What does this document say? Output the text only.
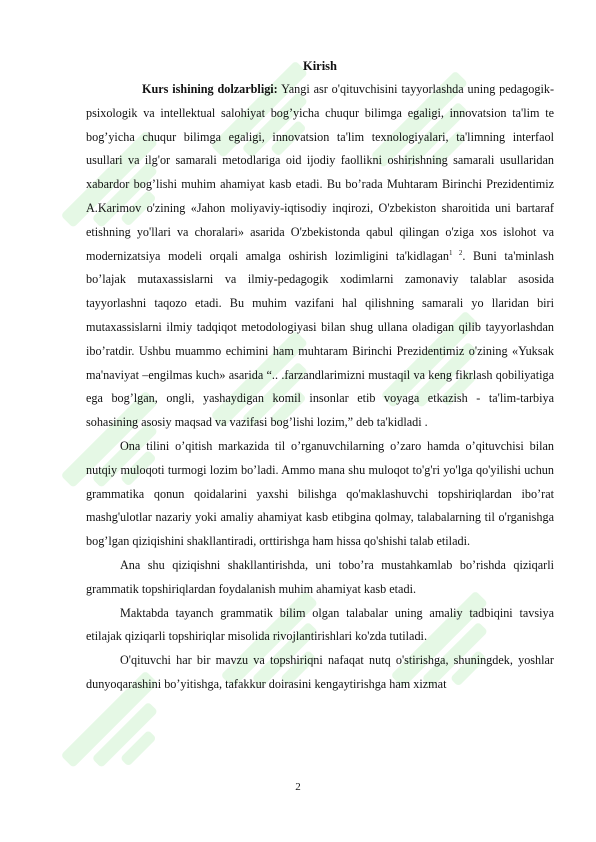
Kirish

Kurs ishining dolzarbligi: Yangi asr o'qituvchisini tayyorlashda uning pedagogik-psixologik va intellektual salohiyat bog’yicha chuqur bilimga egaligi, innovatsion ta'lim te bog’yicha chuqur bilimga egaligi, innovatsion ta'lim texnologiyalari, ta'limning interfaol usullari va ilg'or samarali metodlariga oid ijodiy faollikni oshirishning samarali usullaridan xabardor bog’lishi muhim ahamiyat kasb etadi. Bu bo’rada Muhtaram Birinchi Prezidentimiz A.Karimov o'zining «Jahon moliyaviy-iqtisodiy inqirozi, O'zbekiston sharoitida uni bartaraf etishning yo'llari va choralari» asarida O'zbekistonda qabul qilingan o'ziga xos islohot va modernizatsiya modeli orqali amalga oshirish lozimligini ta'kidlagan$^{1 2}$. Buni ta'minlash bo’lajak mutaxassislarni va ilmiy-pedagogik xodimlarni zamonaviy talablar asosida tayyorlashni taqozo etadi. Bu muhim vazifani hal qilishning samarali yo llaridan biri mutaxassislarni ilmiy tadqiqot metodologiyasi bilan shug ullana oladigan qilib tayyorlashdan ibo’ratdir. Ushbu muammo echimini ham muhtaram Birinchi Prezidentimiz o'zining «Yuksak ma'naviyat –engilmas kuch» asarida “.. .farzandlarimizni mustaqil va keng fikrlash qobiliyatiga ega bog’lgan, ongli, yashaydigan komil insonlar etib voyaga etkazish - ta'lim-tarbiya sohasining asosiy maqsad va vazifasi bog’lishi lozim,” deb ta'kidladi .

Ona tilini o’qitish markazida til o’rganuvchilarning o’zaro hamda o’qituvchisi bilan nutqiy muloqoti turmogi lozim bo’ladi. Ammo mana shu muloqot to'g'ri yo'lga qo'yilishi uchun grammatika qonun qoidalarini yaxshi bilishga qo'maklashuvchi topshiriqlardan ibo’rat mashg'ulotlar nazariy yoki amaliy ahamiyat kasb etibgina qolmay, talabalarning til o'rganishga bog’lgan qiziqishini shakllantiradi, orttirishga ham hissa qo'shishi talab etiladi.

Ana shu qiziqishni shakllantirishda, uni tobo’ra mustahkamlab bo’rishda qiziqarli grammatik topshiriqlardan foydalanish muhim ahamiyat kasb etadi.

Maktabda tayanch grammatik bilim olgan talabalar uning amaliy tadbiqini tavsiya etilajak qiziqarli topshiriqlar misolida rivojlantirishlari ko'zda tutiladi.

O'qituvchi har bir mavzu va topshiriqni nafaqat nutq o'stirishga, shuningdek, yoshlar dunyoqarashini bo’yitishga, tafakkur doirasini kengaytirishga ham xizmat

2
